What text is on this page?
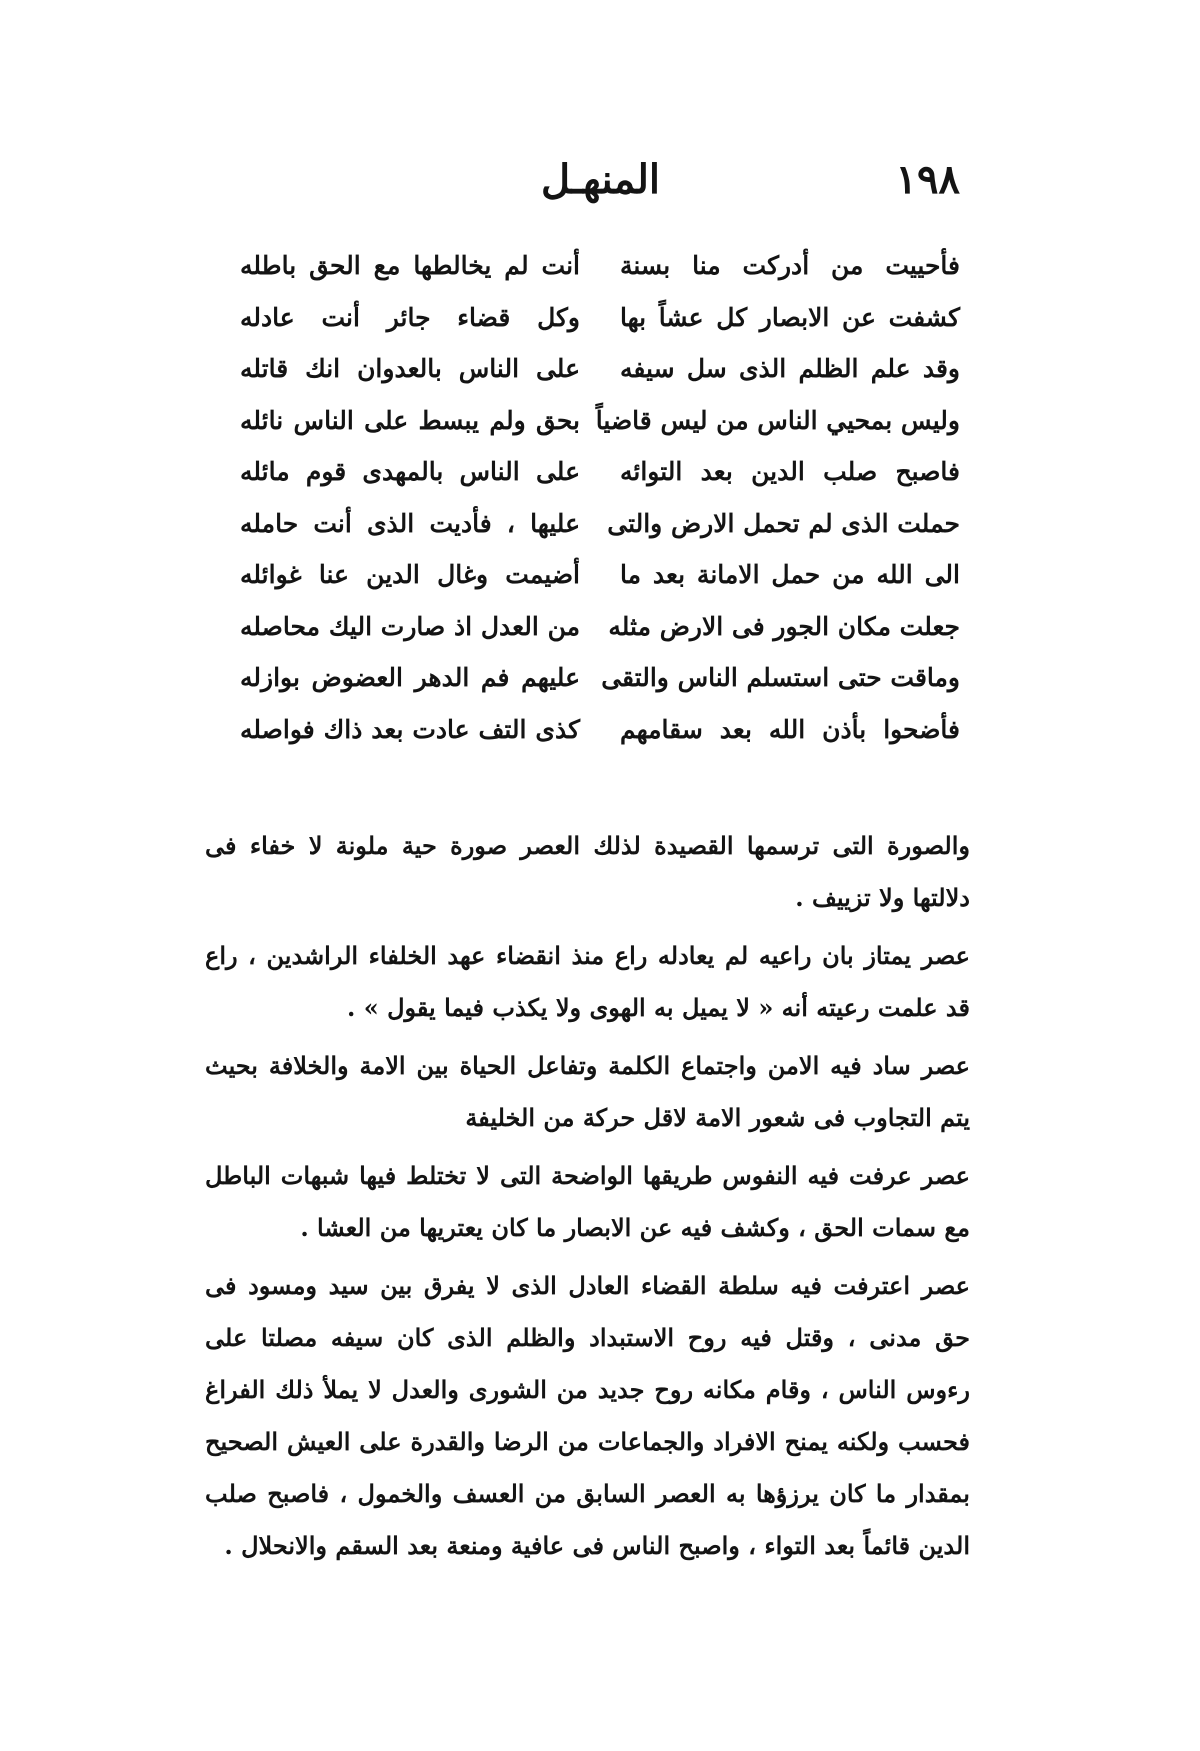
١٩٨
المنهـل
فأحييت من أدركت منا بسنة
أنت لم يخالطها مع الحق باطله
كشفت عن الابصار كل عشاً بها
وكل قضاء جائر أنت عادله
وقد علم الظلم الذى سل سيفه
على الناس بالعدوان انك قاتله
وليس بمحيي الناس من ليس قاضياً
بحق ولم يبسط على الناس نائله
فاصبح صلب الدين بعد التوائه
على الناس بالمهدى قوم مائله
حملت الذى لم تحمل الارض والتى
عليها ، فأديت الذى أنت حامله
الى الله من حمل الامانة بعد ما
أضيمت وغال الدين عنا غوائله
جعلت مكان الجور فى الارض مثله
من العدل اذ صارت اليك محاصله
وماقت حتى استسلم الناس والتقى
عليهم فم الدهر العضوض بوازله
فأضحوا بأذن الله بعد سقامهم
كذى التف عادت بعد ذاك فواصله

والصورة التى ترسمها القصيدة لذلك العصر صورة حية ملونة لا خفاء فى دلالتها ولا تزييف .

عصر يمتاز بان راعيه لم يعادله راع منذ انقضاء عهد الخلفاء الراشدين ، راع قد علمت رعيته أنه « لا يميل به الهوى ولا يكذب فيما يقول » .

عصر ساد فيه الامن واجتماع الكلمة وتفاعل الحياة بين الامة والخلافة بحيث يتم التجاوب فى شعور الامة لاقل حركة من الخليفة

عصر عرفت فيه النفوس طريقها الواضحة التى لا تختلط فيها شبهات الباطل مع سمات الحق ، وكشف فيه عن الابصار ما كان يعتريها من العشا .

عصر اعترفت فيه سلطة القضاء العادل الذى لا يفرق بين سيد ومسود فى حق مدنى ، وقتل فيه روح الاستبداد والظلم الذى كان سيفه مصلتا على رءوس الناس ، وقام مكانه روح جديد من الشورى والعدل لا يملأ ذلك الفراغ فحسب ولكنه يمنح الافراد والجماعات من الرضا والقدرة على العيش الصحيح بمقدار ما كان يرزؤها به العصر السابق من العسف والخمول ، فاصبح صلب الدين قائماً بعد التواء ، واصبح الناس فى عافية ومنعة بعد السقم والانحلال .
